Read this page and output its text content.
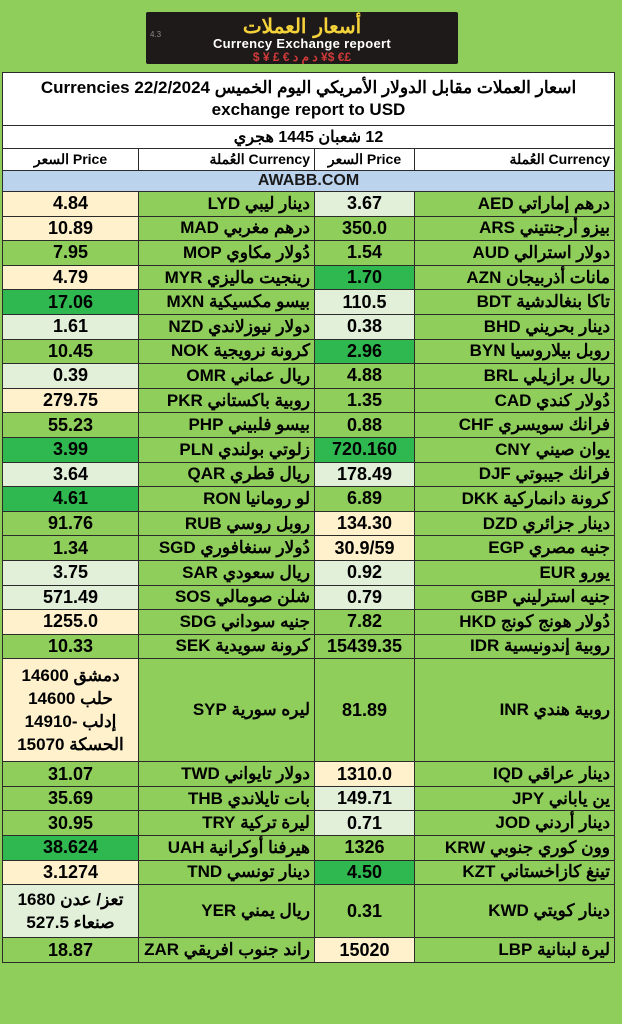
4.3	أسعار العملات
Currency Exchange repoert
$ ¥ £ € د م د ¥$ €£
اسعار العملات مقابل الدولار الأمريكي اليوم الخميس 22/2/2024 Currencies exchange report to USD			
12 شعبان 1445 هجري			
السعر Price	العُملة Currency	السعر Price	العُملة Currency
AWABB.COM			
4.84	دينار ليبي LYD	3.67	درهم إماراتي AED
10.89	درهم مغربي MAD	350.0	بيزو أرجنتيني ARS
7.95	دُولار مكاوي MOP	1.54	دولار استرالي AUD
4.79	رينجيت ماليزي MYR	1.70	مانات أذربيجان AZN
17.06	بيسو مكسيكية MXN	110.5	تاكا بنغالدشية BDT
1.61	دولار نيوزلاندي NZD	0.38	دينار بحريني BHD
10.45	كرونة نرويجية NOK	2.96	روبل بيلاروسيا BYN
0.39	ريال عماني OMR	4.88	ريال برازيلي BRL
279.75	روبية باكستاني PKR	1.35	دُولار كندي CAD
55.23	بيسو فلبيني PHP	0.88	فرانك سويسري CHF
3.99	زلوتي بولندي PLN	720.160	يوان صيني CNY
3.64	ريال قطري QAR	178.49	فرانك جيبوتي DJF
4.61	لو رومانيا RON	6.89	كرونة دانماركية DKK
91.76	روبل روسي RUB	134.30	دينار جزائري DZD
1.34	دُولار سنغافوري SGD	30.9/59	جنيه مصري EGP
3.75	ريال سعودي SAR	0.92	يورو EUR
571.49	شلن صومالي SOS	0.79	جنيه استرليني GBP
1255.0	جنيه سوداني SDG	7.82	دُولار هونج كونج HKD
10.33	كرونة سويدية SEK	15439.35	روبية إندونيسية IDR

دمشق 14600
حلب 14600
إدلب -14910
الحسكة 15070	ليره سورية SYP	81.89	روبية هندي INR
31.07	دولار تايواني TWD	1310.0	دينار عراقي IQD
35.69	بات تايلاندي THB	149.71	ين ياباني JPY
30.95	ليرة تركية TRY	0.71	دينار أردني JOD
38.624	هيرفنا أوكرانية UAH	1326	وون كوري جنوبي KRW
3.1274	دينار تونسي TND	4.50	تينغ كازاخستاني KZT

تعز/ عدن 1680
صنعاء 527.5	ريال يمني YER	0.31	دينار كويتي KWD
18.87	راند جنوب افريقي ZAR	15020	ليرة لبنانية LBP
